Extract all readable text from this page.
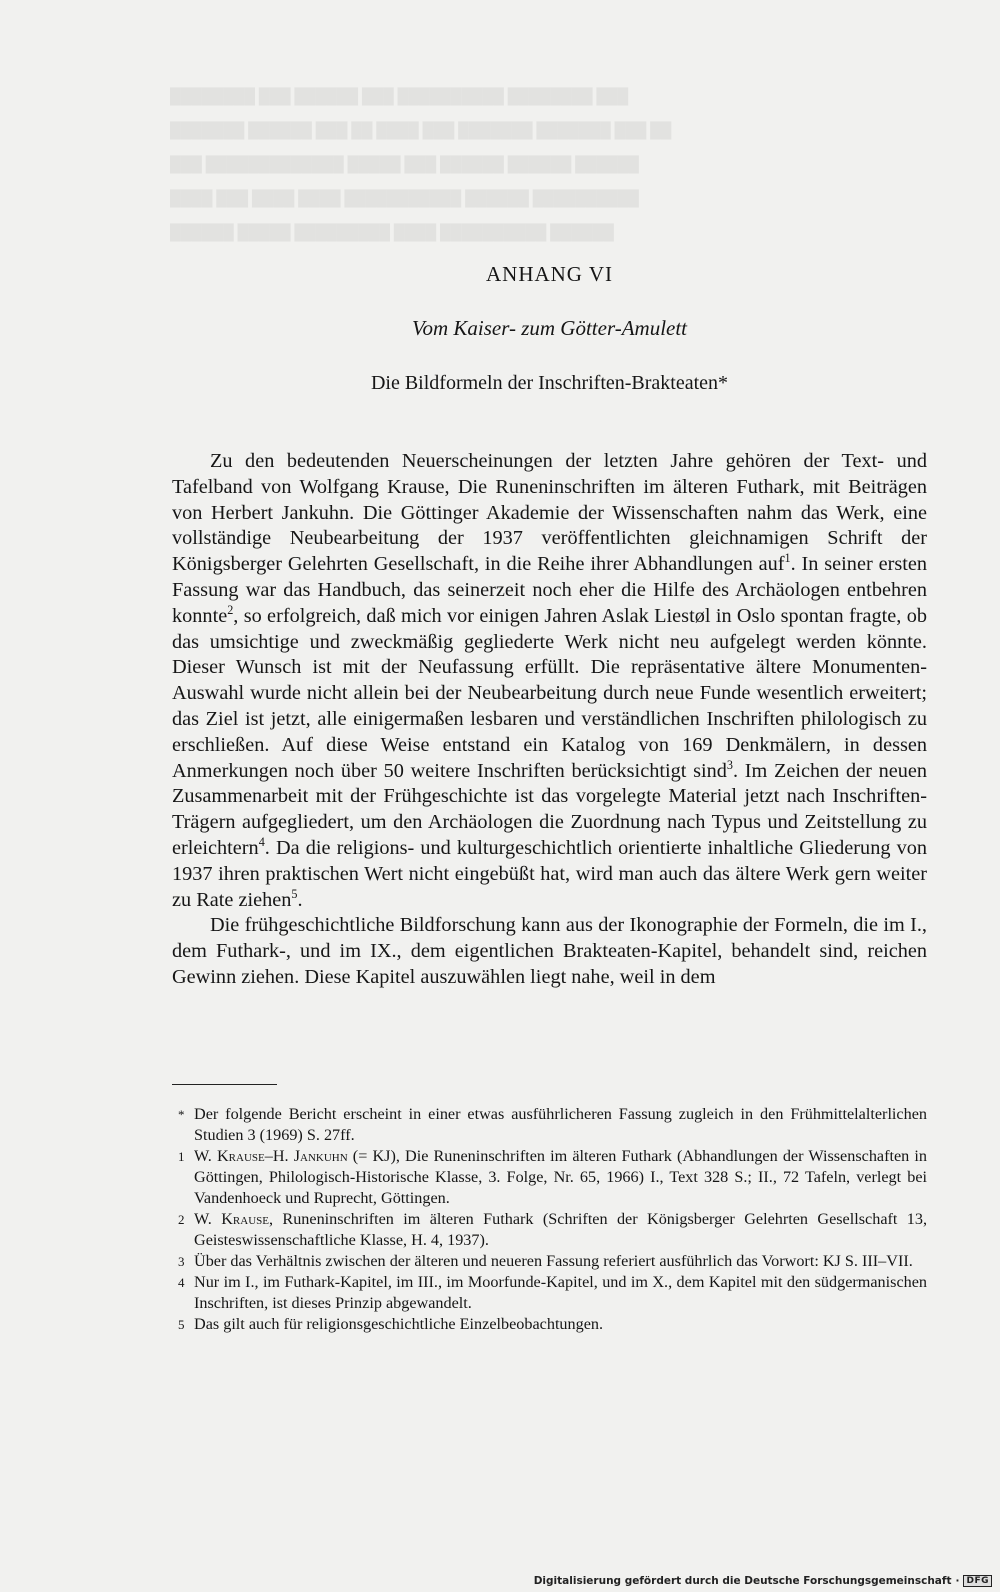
████████ ███ ██████ ███ ██████████ ████████ ███
███████ ██████ ███ ██ ████ ███ ███████ ███████ ███ ██
███ █████████████ █████ ███ ██████ ██████ ██████
████ ███ ████ ████ ███████████ ██████ ██████████
██████ █████ █████████ ████ ██████████ ██████
ANHANG VI
Vom Kaiser- zum Götter-Amulett
Die Bildformeln der Inschriften-Brakteaten*

Zu den bedeutenden Neuerscheinungen der letzten Jahre gehören der Text- und Tafelband von Wolfgang Krause, Die Runeninschriften im älteren Futhark, mit Beiträgen von Herbert Jankuhn. Die Göttinger Akademie der Wissenschaften nahm das Werk, eine vollständige Neubearbeitung der 1937 veröffentlichten gleichnamigen Schrift der Königsberger Gelehrten Gesellschaft, in die Reihe ihrer Abhandlungen auf$^1$. In seiner ersten Fassung war das Handbuch, das seinerzeit noch eher die Hilfe des Archäologen entbehren konnte$^2$, so erfolgreich, daß mich vor einigen Jahren Aslak Liestøl in Oslo spontan fragte, ob das umsichtige und zweckmäßig gegliederte Werk nicht neu aufgelegt werden könnte. Dieser Wunsch ist mit der Neufassung erfüllt. Die repräsentative ältere Monumenten-Auswahl wurde nicht allein bei der Neubearbeitung durch neue Funde wesentlich erweitert; das Ziel ist jetzt, alle einigermaßen lesbaren und verständlichen Inschriften philologisch zu erschließen. Auf diese Weise entstand ein Katalog von 169 Denkmälern, in dessen Anmerkungen noch über 50 weitere Inschriften berücksichtigt sind$^3$. Im Zeichen der neuen Zusammenarbeit mit der Frühgeschichte ist das vorgelegte Material jetzt nach Inschriften-Trägern aufgegliedert, um den Archäologen die Zuordnung nach Typus und Zeitstellung zu erleichtern$^4$. Da die religions- und kulturgeschichtlich orientierte inhaltliche Gliederung von 1937 ihren praktischen Wert nicht eingebüßt hat, wird man auch das ältere Werk gern weiter zu Rate ziehen$^5$.

Die frühgeschichtliche Bildforschung kann aus der Ikonographie der Formeln, die im I., dem Futhark-, und im IX., dem eigentlichen Brakteaten-Kapitel, behandelt sind, reichen Gewinn ziehen. Diese Kapitel auszuwählen liegt nahe, weil in dem

* Der folgende Bericht erscheint in einer etwas ausführlicheren Fassung zugleich in den Frühmittelalterlichen Studien 3 (1969) S. 27ff.
1 W. Krause–H. Jankuhn (= KJ), Die Runeninschriften im älteren Futhark (Abhandlungen der Wissenschaften in Göttingen, Philologisch-Historische Klasse, 3. Folge, Nr. 65, 1966) I., Text 328 S.; II., 72 Tafeln, verlegt bei Vandenhoeck und Ruprecht, Göttingen.
2 W. Krause, Runeninschriften im älteren Futhark (Schriften der Königsberger Gelehrten Gesellschaft 13, Geisteswissenschaftliche Klasse, H. 4, 1937).
3 Über das Verhältnis zwischen der älteren und neueren Fassung referiert ausführlich das Vorwort: KJ S. III–VII.
4 Nur im I., im Futhark-Kapitel, im III., im Moorfunde-Kapitel, und im X., dem Kapitel mit den südgermanischen Inschriften, ist dieses Prinzip abgewandelt.
5 Das gilt auch für religionsgeschichtliche Einzelbeobachtungen.
Digitalisierung gefördert durch die Deutsche Forschungsgemeinschaft · DFG
